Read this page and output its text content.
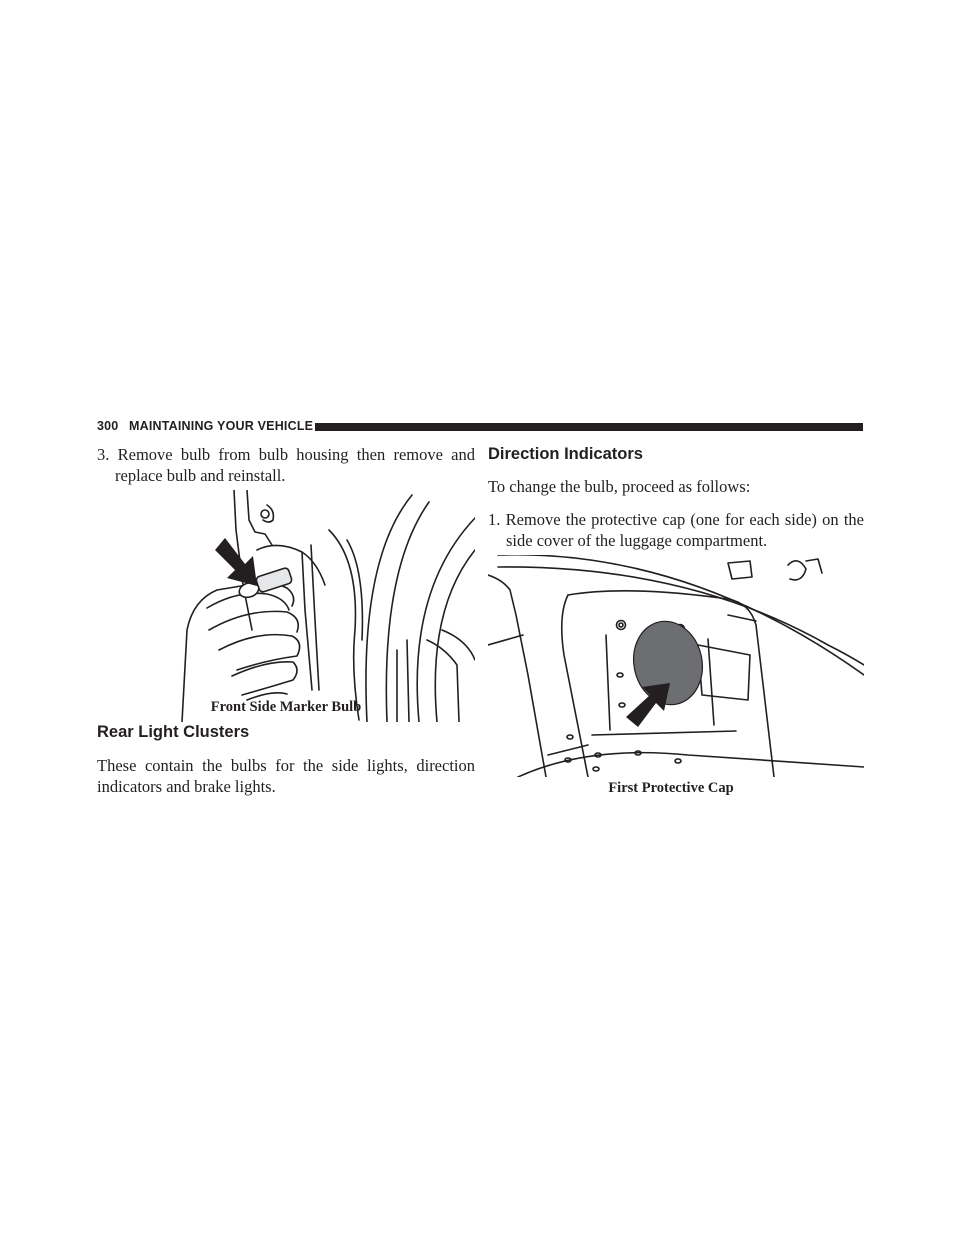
300 MAINTAINING YOUR VEHICLE
3. Remove bulb from bulb housing then remove and replace bulb and reinstall.
Front Side Marker Bulb
Rear Light Clusters
These contain the bulbs for the side lights, direction indicators and brake lights.
Direction Indicators
To change the bulb, proceed as follows:
1. Remove the protective cap (one for each side) on the side cover of the luggage compartment.
First Protective Cap
